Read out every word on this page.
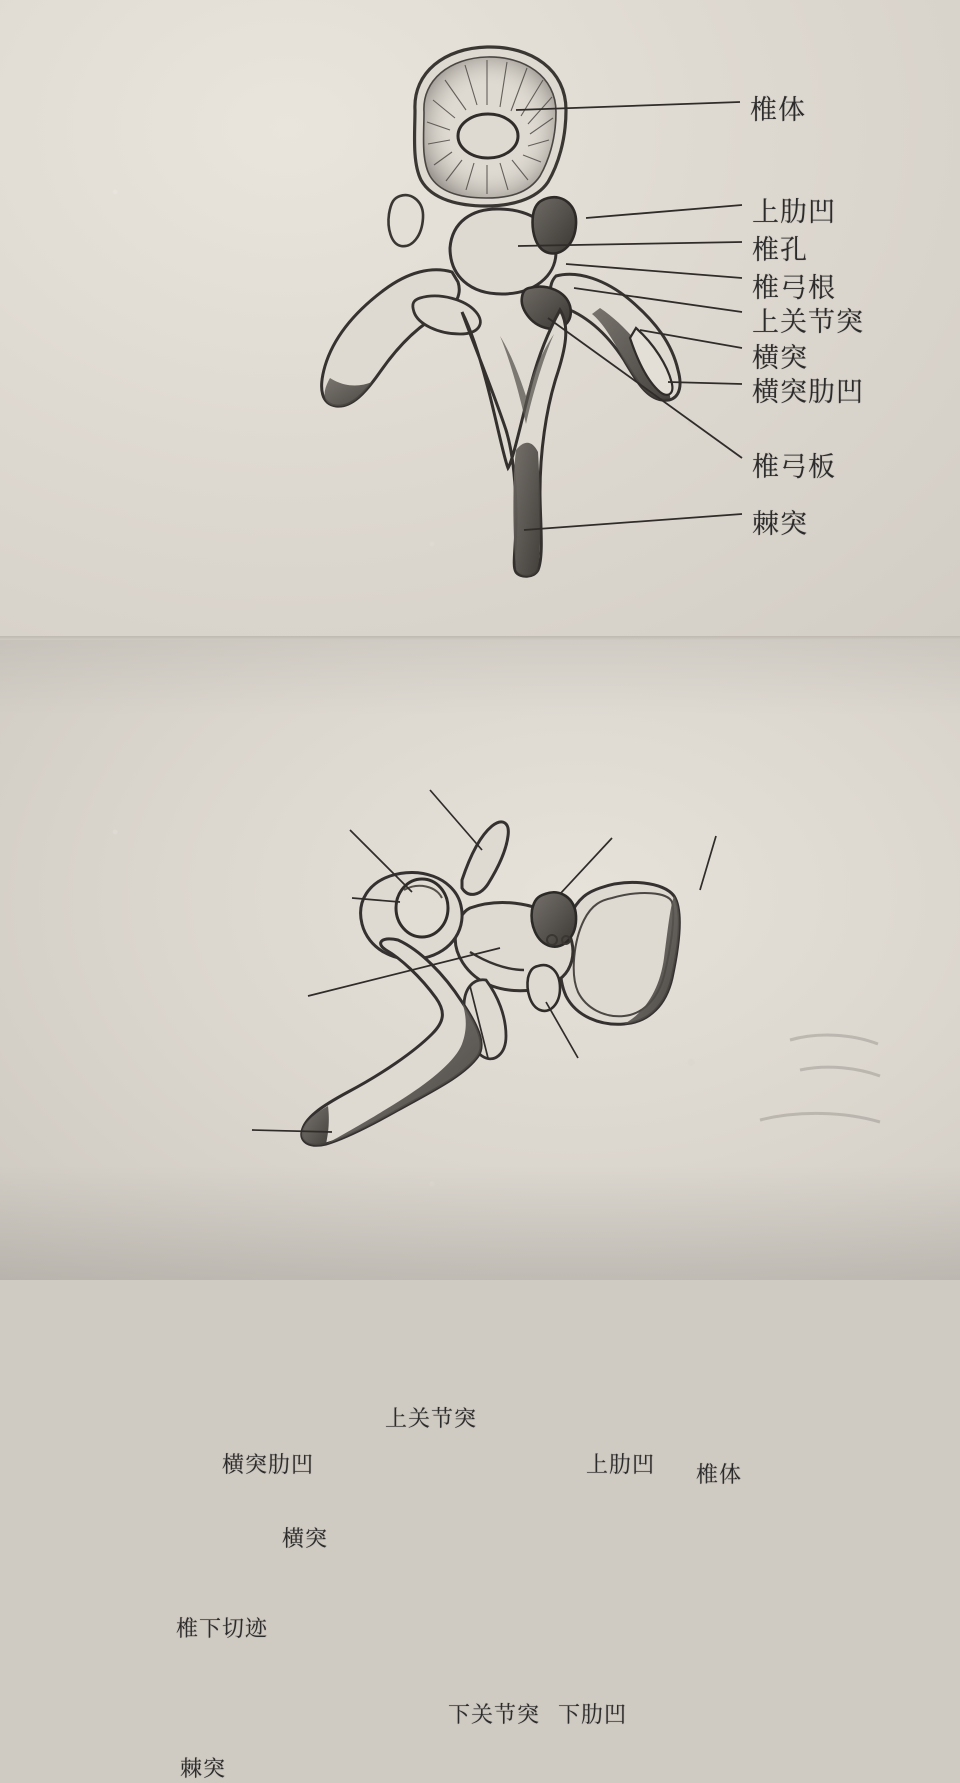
椎体
上肋凹
椎孔
椎弓根
上关节突
横突
横突肋凹
椎弓板
棘突
上关节突
横突肋凹
横突
椎下切迹
棘突
下关节突 下肋凹
上肋凹 椎体
